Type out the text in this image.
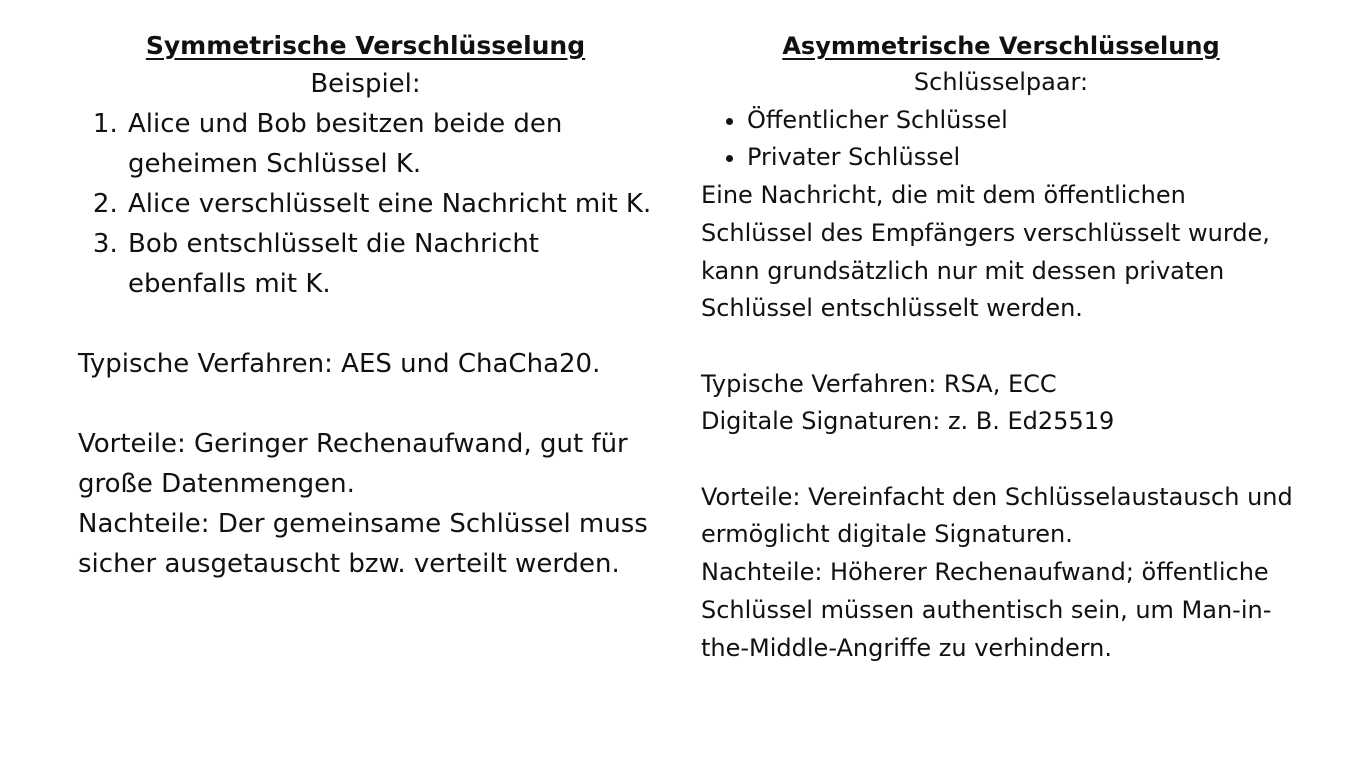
Symmetrische Verschlüsselung
Beispiel:
1. Alice und Bob besitzen beide den geheimen Schlüssel K.
2. Alice verschlüsselt eine Nachricht mit K.
3. Bob entschlüsselt die Nachricht ebenfalls mit K.

Typische Verfahren: AES und ChaCha20.

Vorteile: Geringer Rechenaufwand, gut für große Datenmengen.

Nachteile: Der gemeinsame Schlüssel muss sicher ausgetauscht bzw. verteilt werden.

Asymmetrische Verschlüsselung
Schlüsselpaar:
• Öffentlicher Schlüssel
• Privater Schlüssel

Eine Nachricht, die mit dem öffentlichen Schlüssel des Empfängers verschlüsselt wurde, kann grundsätzlich nur mit dessen privaten Schlüssel entschlüsselt werden.

Typische Verfahren: RSA, ECC

Digitale Signaturen: z. B. Ed25519

Vorteile: Vereinfacht den Schlüsselaustausch und ermöglicht digitale Signaturen.

Nachteile: Höherer Rechenaufwand; öffentliche Schlüssel müssen authentisch sein, um Man-in-the-Middle-Angriffe zu verhindern.
